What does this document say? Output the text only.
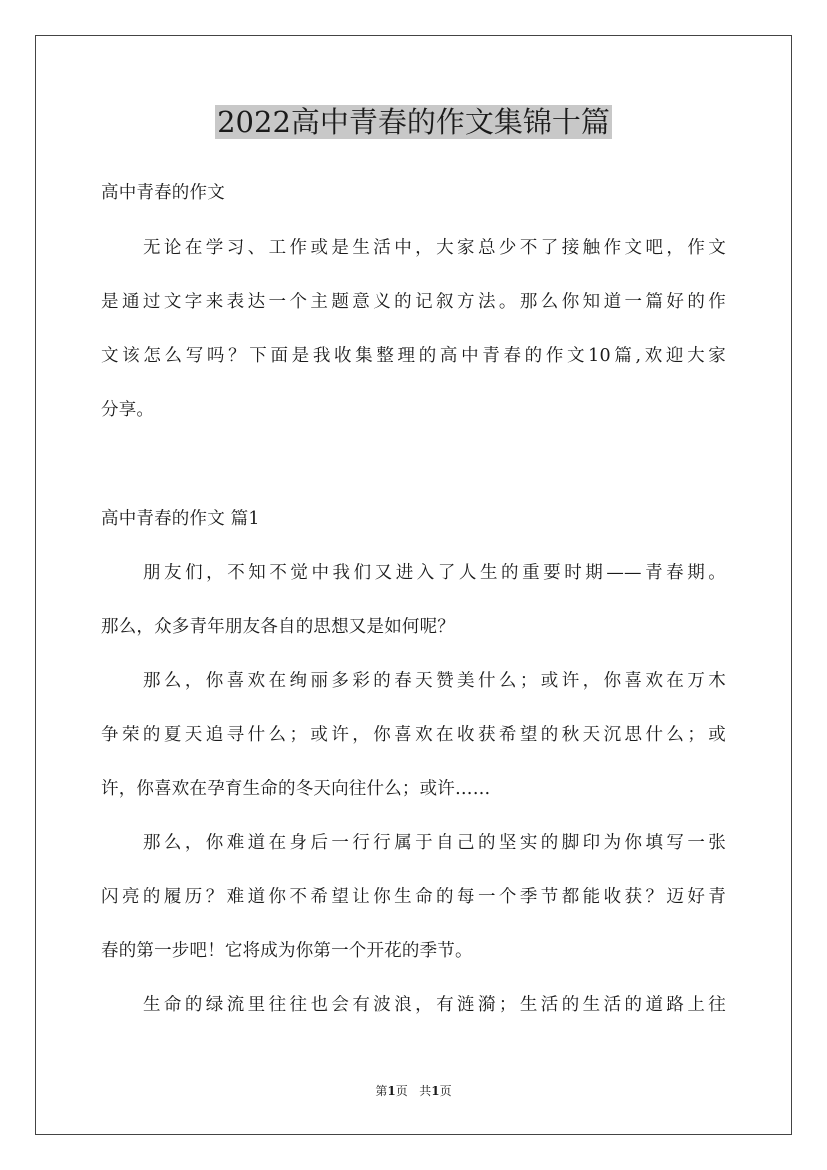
2022高中青春的作文集锦十篇

高中青春的作文

无论在学习、工作或是生活中，大家总少不了接触作文吧，作文

是通过文字来表达一个主题意义的记叙方法。那么你知道一篇好的作

文该怎么写吗？下面是我收集整理的高中青春的作文10篇,欢迎大家

分享。

高中青春的作文 篇1

朋友们，不知不觉中我们又进入了人生的重要时期——青春期。

那么，众多青年朋友各自的思想又是如何呢？

那么，你喜欢在绚丽多彩的春天赞美什么；或许，你喜欢在万木

争荣的夏天追寻什么；或许，你喜欢在收获希望的秋天沉思什么；或

许，你喜欢在孕育生命的冬天向往什么；或许……

那么，你难道在身后一行行属于自己的坚实的脚印为你填写一张

闪亮的履历？难道你不希望让你生命的每一个季节都能收获？迈好青

春的第一步吧！它将成为你第一个开花的季节。

生命的绿流里往往也会有波浪，有涟漪；生活的生活的道路上往

第1页 共1页
